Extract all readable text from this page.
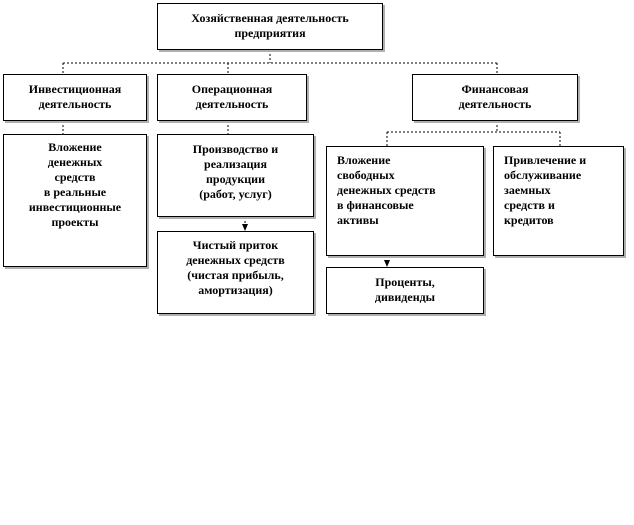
Хозяйственная деятельность
предприятия
Инвестиционная
деятельность
Операционная
деятельность
Финансовая
деятельность
Вложение
денежных
средств
в реальные
инвестиционные
проекты
Производство и
реализация
продукции
(работ, услуг)
Чистый приток
денежных средств
(чистая прибыль,
амортизация)
Вложение
свободных
денежных средств
в финансовые
активы
Привлечение и
обслуживание
заемных
средств и
кредитов
Проценты,
дивиденды
